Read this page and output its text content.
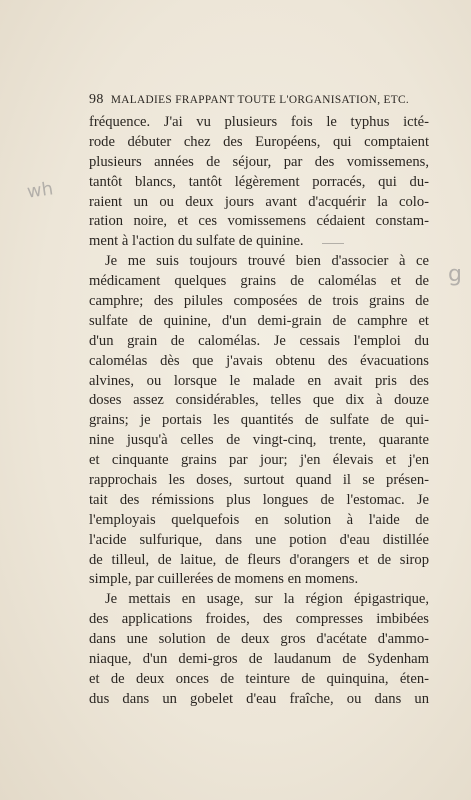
98 MALADIES FRAPPANT TOUTE L'ORGANISATION, ETC.
wh
g
fréquence. J'ai vu plusieurs fois le typhus icté-
rode débuter chez des Européens, qui comptaient
plusieurs années de séjour, par des vomissemens,
tantôt blancs, tantôt légèrement porracés, qui du-
raient un ou deux jours avant d'acquérir la colo-
ration noire, et ces vomissemens cédaient constam-
ment à l'action du sulfate de quinine.
Je me suis toujours trouvé bien d'associer à ce
médicament quelques grains de calomélas et de
camphre; des pilules composées de trois grains de
sulfate de quinine, d'un demi-grain de camphre et
d'un grain de calomélas. Je cessais l'emploi du
calomélas dès que j'avais obtenu des évacuations
alvines, ou lorsque le malade en avait pris des
doses assez considérables, telles que dix à douze
grains; je portais les quantités de sulfate de qui-
nine jusqu'à celles de vingt-cinq, trente, quarante
et cinquante grains par jour; j'en élevais et j'en
rapprochais les doses, surtout quand il se présen-
tait des rémissions plus longues de l'estomac. Je
l'employais quelquefois en solution à l'aide de
l'acide sulfurique, dans une potion d'eau distillée
de tilleul, de laitue, de fleurs d'orangers et de sirop
simple, par cuillerées de momens en momens.
Je mettais en usage, sur la région épigastrique,
des applications froides, des compresses imbibées
dans une solution de deux gros d'acétate d'ammo-
niaque, d'un demi-gros de laudanum de Sydenham
et de deux onces de teinture de quinquina, éten-
dus dans un gobelet d'eau fraîche, ou dans un
